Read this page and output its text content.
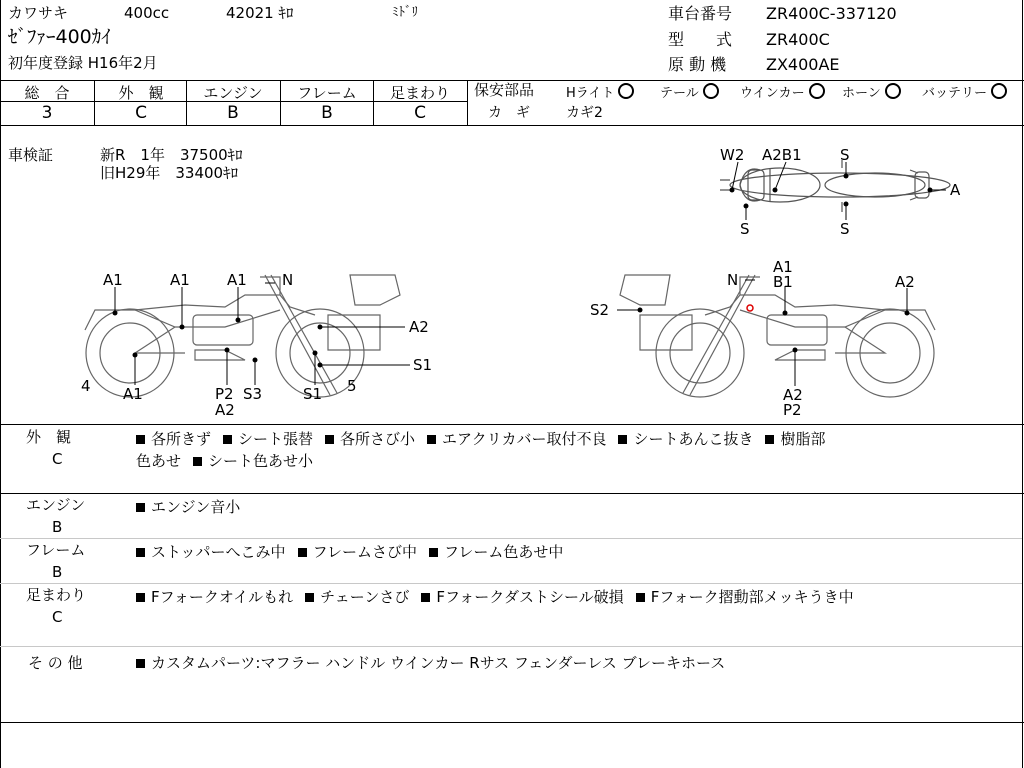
カワサキ	400cc	42021 ｷﾛ	ﾐﾄﾞﾘ
ｾﾞﾌｧｰ400ｶｲ
初年度登録 H16年2月
車台番号 ZR400C-337120
型　　式 ZR400C
原 動 機 ZX400AE
総　合	外　観	エンジン	フレーム	足まわり
3	C	B	B	C
保安部品 Hライト	テール	ウインカー	ホーン	バッテリー
カ　ギ	カギ2
車検証	新R　1年　37500ｷﾛ
旧H29年　33400ｷﾛ
W2 A2B1	S
A
S	S
A1	A1 A1 N
A2
S1
4 A1	P2
A2
S3	S1 5
S2
N
A1
B1	A2
A2
P2
外　観
C
各所きず シート張替 各所さび小 エアクリカバー取付不良 シートあんこ抜き 樹脂部
色あせ シート色あせ小
エンジン
B
エンジン音小
フレーム
B
ストッパーへこみ中 フレームさび中 フレーム色あせ中
足まわり
C
Fフォークオイルもれ チェーンさび Fフォークダストシール破損 Fフォーク摺動部メッキうき中
そ の 他	カスタムパーツ:マフラー ハンドル ウインカー Rサス フェンダーレス ブレーキホース
